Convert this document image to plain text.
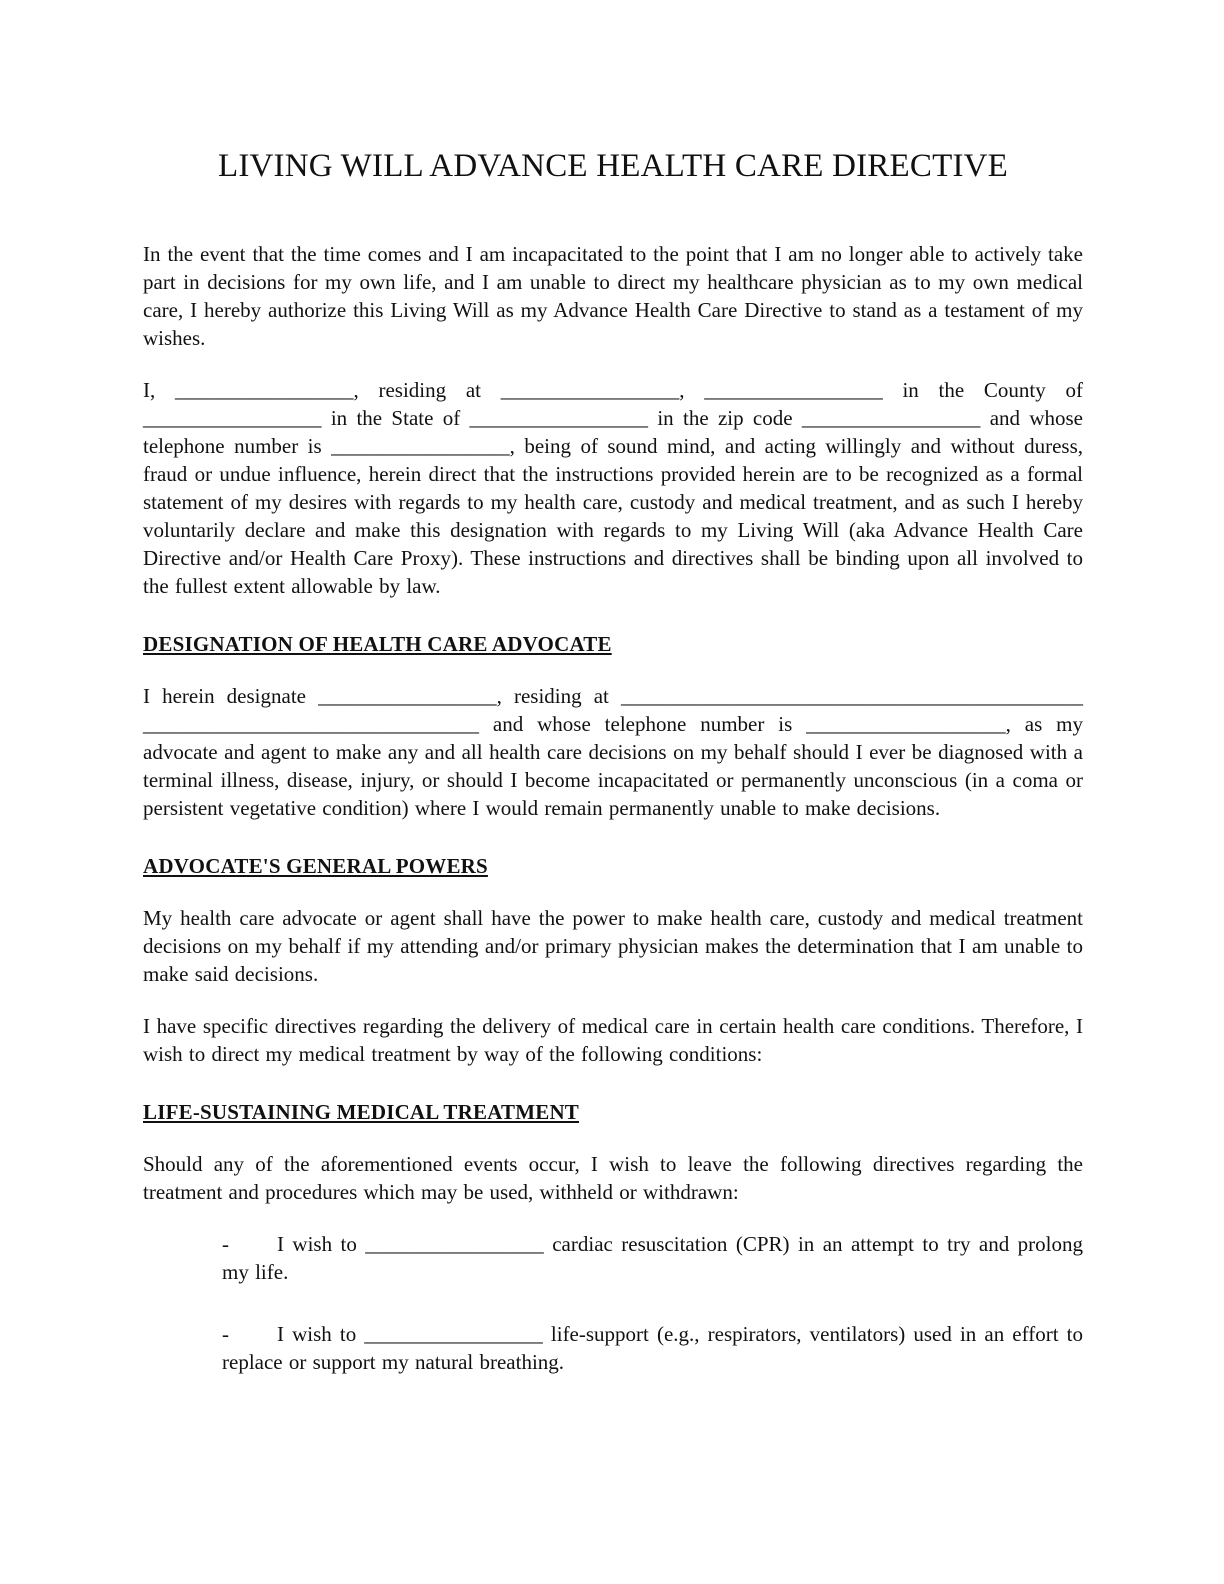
LIVING WILL ADVANCE HEALTH CARE DIRECTIVE

In the event that the time comes and I am incapacitated to the point that I am no longer able to actively take part in decisions for my own life, and I am unable to direct my healthcare physician as to my own medical care, I hereby authorize this Living Will as my Advance Health Care Directive to stand as a testament of my wishes.

I, _________________, residing at _________________, _________________ in the County of _________________ in the State of _________________ in the zip code _________________ and whose telephone number is _________________, being of sound mind, and acting willingly and without duress, fraud or undue influence, herein direct that the instructions provided herein are to be recognized as a formal statement of my desires with regards to my health care, custody and medical treatment, and as such I hereby voluntarily declare and make this designation with regards to my Living Will (aka Advance Health Care Directive and/or Health Care Proxy). These instructions and directives shall be binding upon all involved to the fullest extent allowable by law.

DESIGNATION OF HEALTH CARE ADVOCATE

I herein designate _________________, residing at ____________________________________________ ________________________________ and whose telephone number is ___________________, as my advocate and agent to make any and all health care decisions on my behalf should I ever be diagnosed with a terminal illness, disease, injury, or should I become incapacitated or permanently unconscious (in a coma or persistent vegetative condition) where I would remain permanently unable to make decisions.

ADVOCATE'S GENERAL POWERS

My health care advocate or agent shall have the power to make health care, custody and medical treatment decisions on my behalf if my attending and/or primary physician makes the determination that I am unable to make said decisions.

I have specific directives regarding the delivery of medical care in certain health care conditions. Therefore, I wish to direct my medical treatment by way of the following conditions:

LIFE-SUSTAINING MEDICAL TREATMENT

Should any of the aforementioned events occur, I wish to leave the following directives regarding the treatment and procedures which may be used, withheld or withdrawn:

- I wish to _________________ cardiac resuscitation (CPR) in an attempt to try and prolong my life.

- I wish to _________________ life-support (e.g., respirators, ventilators) used in an effort to replace or support my natural breathing.
